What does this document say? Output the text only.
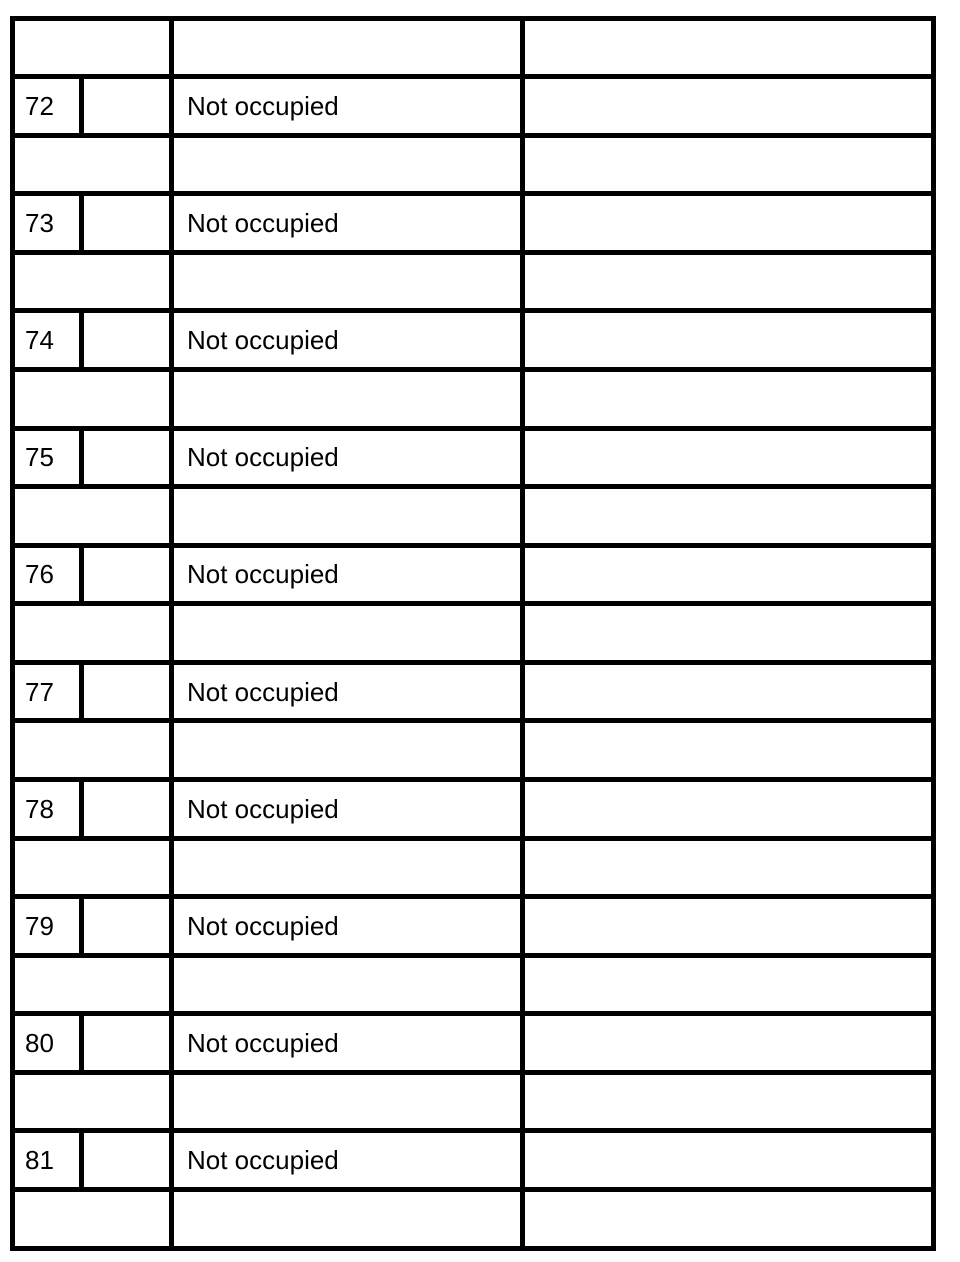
72	Not occupied
73	Not occupied
74	Not occupied
75	Not occupied
76	Not occupied
77	Not occupied
78	Not occupied
79	Not occupied
80	Not occupied
81	Not occupied
